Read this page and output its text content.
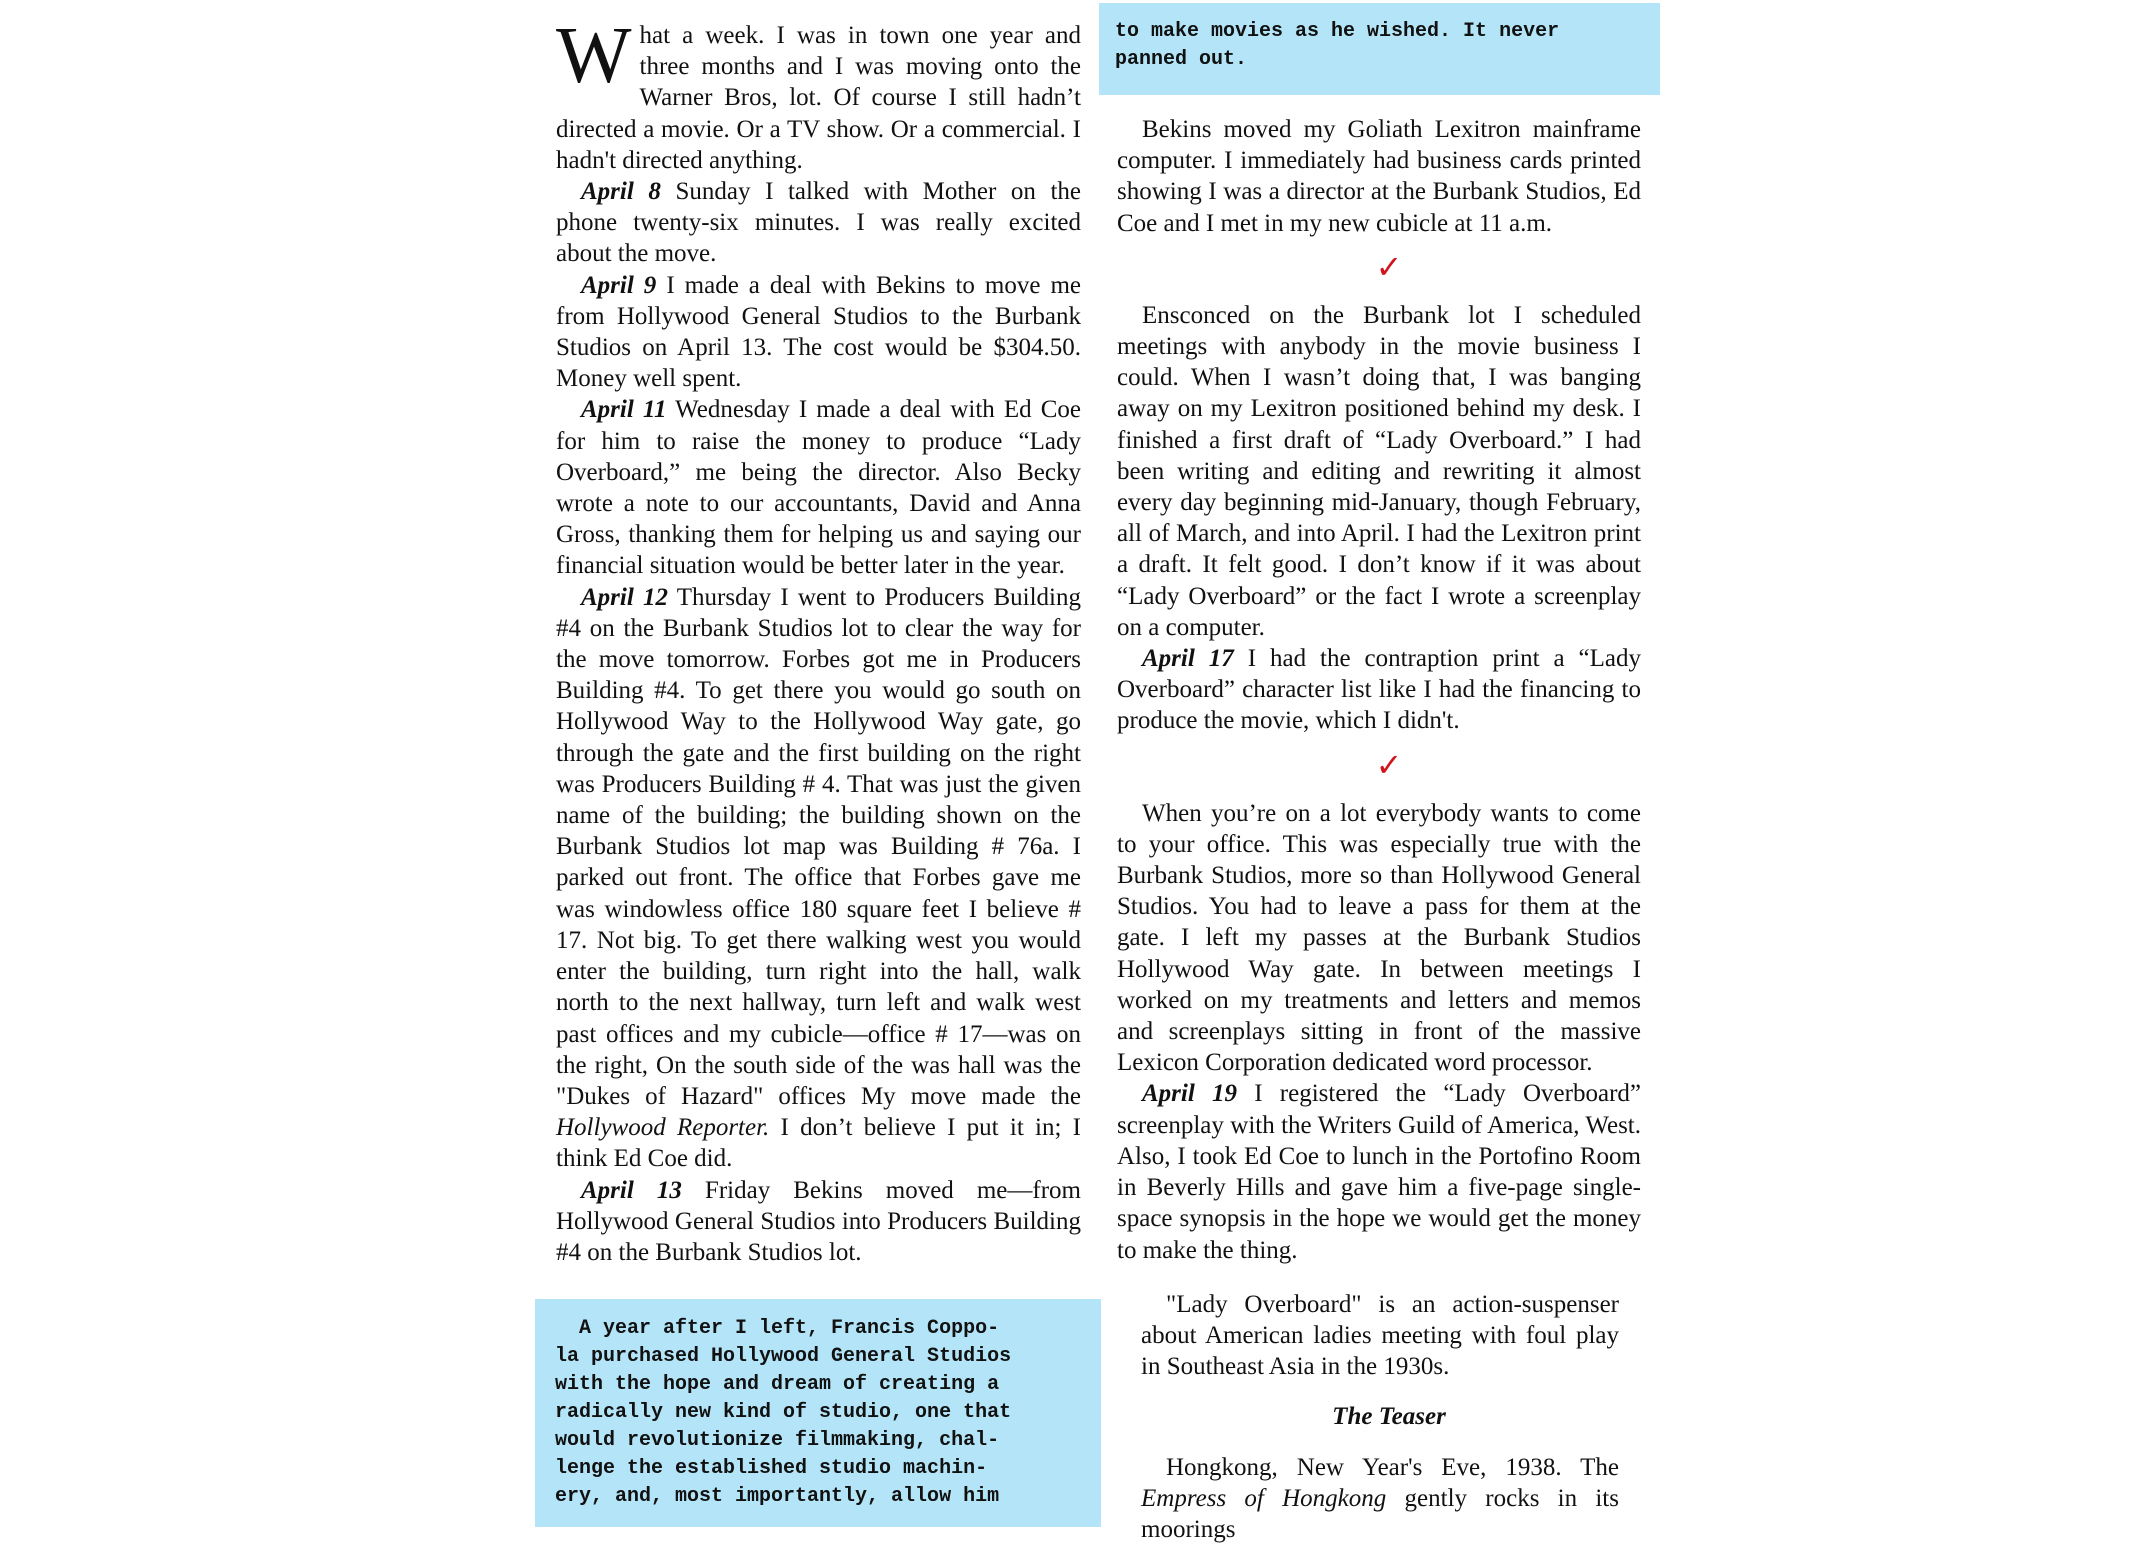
What a week. I was in town one year and three months and I was moving onto the Warner Bros, lot. Of course I still hadn’t directed a movie. Or a TV show. Or a commercial. I hadn't directed anything.

April 8 Sunday I talked with Mother on the phone twenty-six minutes. I was really excited about the move.

April 9 I made a deal with Bekins to move me from Hollywood General Studios to the Burbank Studios on April 13. The cost would be $304.50. Money well spent.

April 11 Wednesday I made a deal with Ed Coe for him to raise the money to produce “Lady Overboard,” me being the director. Also Becky wrote a note to our accountants, David and Anna Gross, thanking them for helping us and saying our financial situation would be better later in the year.

April 12 Thursday I went to Producers Building #4 on the Burbank Studios lot to clear the way for the move tomorrow. Forbes got me in Producers Building #4. To get there you would go south on Hollywood Way to the Hollywood Way gate, go through the gate and the first building on the right was Producers Building # 4. That was just the given name of the building; the building shown on the Burbank Studios lot map was Building # 76a. I parked out front. The office that Forbes gave me was windowless office 180 square feet I believe # 17. Not big. To get there walking west you would enter the building, turn right into the hall, walk north to the next hallway, turn left and walk west past offices and my cubicle—office # 17—was on the right, On the south side of the was hall was the "Dukes of Hazard" offices My move made the Hollywood Reporter. I don’t believe I put it in; I think Ed Coe did.

April 13 Friday Bekins moved me—from Hollywood General Studios into Producers Building #4 on the Burbank Studios lot.

A year after I left, Francis Coppo-
la purchased Hollywood General Studios
with the hope and dream of creating a
radically new kind of studio, one that
would revolutionize filmmaking, chal-
lenge the established studio machin-
ery, and, most importantly, allow him
to make movies as he wished. It never
panned out.

Bekins moved my Goliath Lexitron mainframe computer. I immediately had business cards printed showing I was a director at the Burbank Studios, Ed Coe and I met in my new cubicle at 11 a.m.

✓

Ensconced on the Burbank lot I scheduled meetings with anybody in the movie business I could. When I wasn’t doing that, I was banging away on my Lexitron positioned behind my desk. I finished a first draft of “Lady Overboard.” I had been writing and editing and rewriting it almost every day beginning mid-January, though February, all of March, and into April. I had the Lexitron print a draft. It felt good. I don’t know if it was about “Lady Overboard” or the fact I wrote a screenplay on a computer.

April 17 I had the contraption print a “Lady Overboard” character list like I had the financing to produce the movie, which I didn't.

✓

When you’re on a lot everybody wants to come to your office. This was especially true with the Burbank Studios, more so than Hollywood General Studios. You had to leave a pass for them at the gate. I left my passes at the Burbank Studios Hollywood Way gate. In between meetings I worked on my treatments and letters and memos and screenplays sitting in front of the massive Lexicon Corporation dedicated word processor.

April 19 I registered the “Lady Overboard” screenplay with the Writers Guild of America, West. Also, I took Ed Coe to lunch in the Portofino Room in Beverly Hills and gave him a five-page single-space synopsis in the hope we would get the money to make the thing.

"Lady Overboard" is an action-suspenser about American ladies meeting with foul play in Southeast Asia in the 1930s.

The Teaser

Hongkong, New Year's Eve, 1938. The Empress of Hongkong gently rocks in its moorings
